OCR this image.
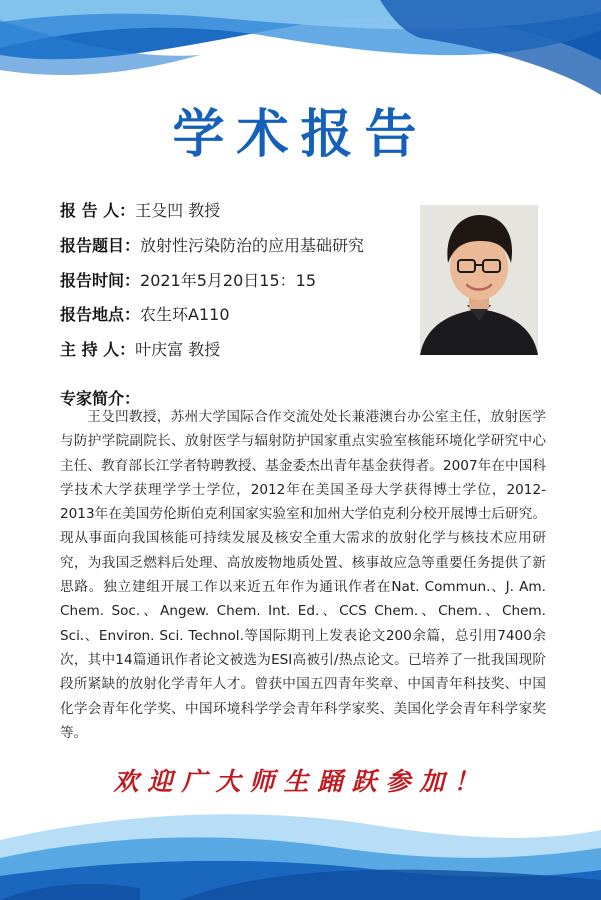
学术报告
报 告 人：王殳凹 教授
报告题目：放射性污染防治的应用基础研究
报告时间：2021年5月20日15：15
报告地点：农生环A110
主 持 人：叶庆富 教授
专家简介：

王殳凹教授，苏州大学国际合作交流处处长兼港澳台办公室主任，放射医学与防护学院副院长、放射医学与辐射防护国家重点实验室核能环境化学研究中心主任、教育部长江学者特聘教授、基金委杰出青年基金获得者。2007年在中国科学技术大学获理学学士学位，2012年在美国圣母大学获得博士学位，2012-2013年在美国劳伦斯伯克利国家实验室和加州大学伯克利分校开展博士后研究。现从事面向我国核能可持续发展及核安全重大需求的放射化学与核技术应用研究，为我国乏燃料后处理、高放废物地质处置、核事故应急等重要任务提供了新思路。独立建组开展工作以来近五年作为通讯作者在Nat. Commun.、J. Am. Chem. Soc.、Angew. Chem. Int. Ed.、CCS Chem.、Chem.、Chem. Sci.、Environ. Sci. Technol.等国际期刊上发表论文200余篇，总引用7400余次，其中14篇通讯作者论文被选为ESI高被引/热点论文。已培养了一批我国现阶段所紧缺的放射化学青年人才。曾获中国五四青年奖章、中国青年科技奖、中国化学会青年化学奖、中国环境科学学会青年科学家奖、美国化学会青年科学家奖等。

欢迎广大师生踊跃参加！
